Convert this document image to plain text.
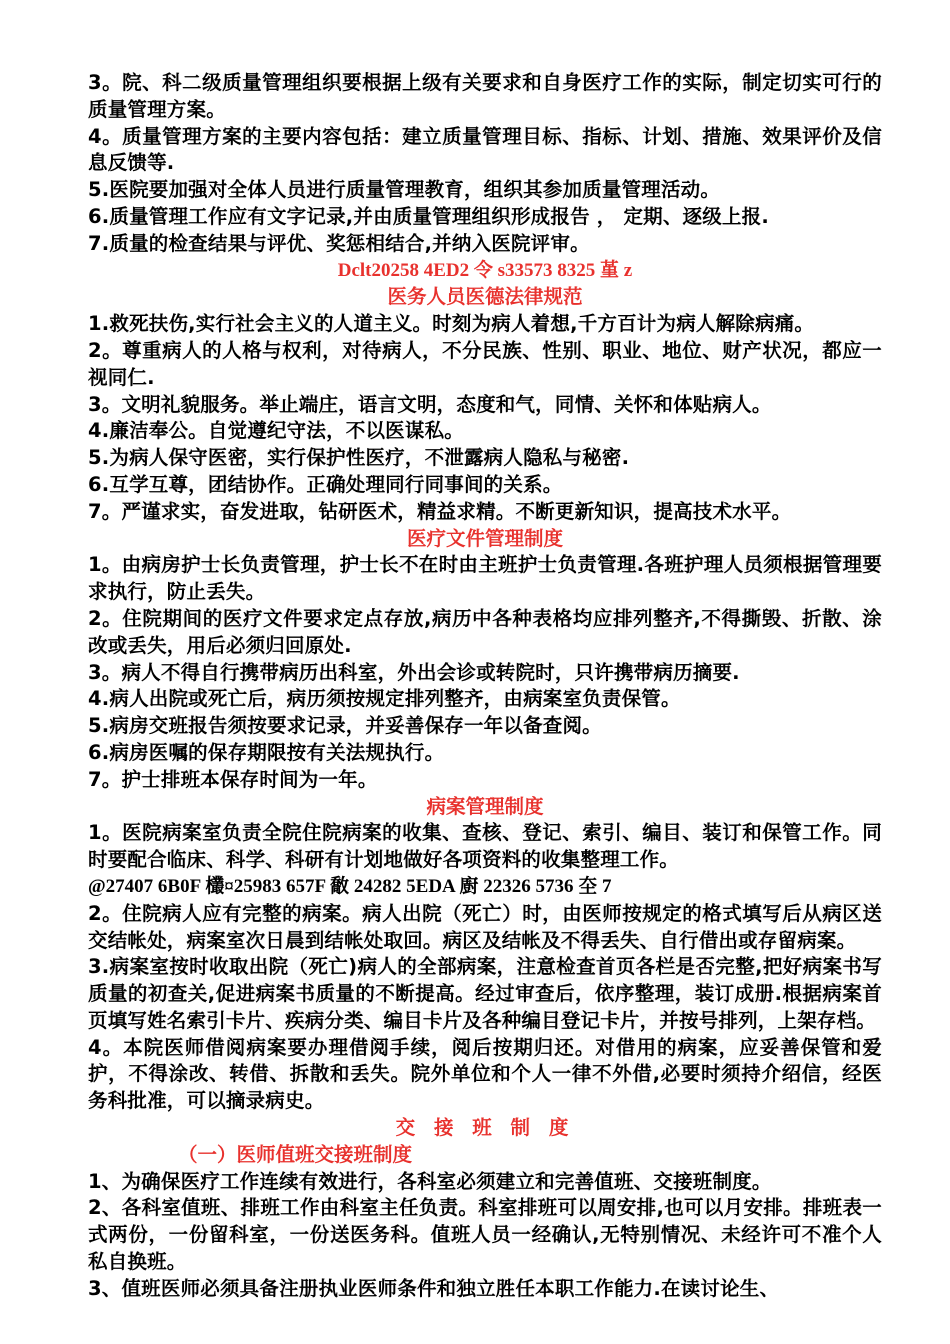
3。院、科二级质量管理组织要根据上级有关要求和自身医疗工作的实际，制定切实可行的质量管理方案。

4。质量管理方案的主要内容包括：建立质量管理目标、指标、计划、措施、效果评价及信息反馈等.

5.医院要加强对全体人员进行质量管理教育，组织其参加质量管理活动。

6.质量管理工作应有文字记录,并由质量管理组织形成报告 ， 定期、逐级上报.

7.质量的检查结果与评优、奖惩相结合,并纳入医院评审。

Dclt20258 4ED2 令 s33573 8325 堇 z

医务人员医德法律规范

1.救死扶伤,实行社会主义的人道主义。时刻为病人着想,千方百计为病人解除病痛。

2。尊重病人的人格与权利，对待病人，不分民族、性别、职业、地位、财产状况，都应一视同仁.

3。文明礼貌服务。举止端庄，语言文明，态度和气，同情、关怀和体贴病人。

4.廉洁奉公。自觉遵纪守法，不以医谋私。

5.为病人保守医密，实行保护性医疗，不泄露病人隐私与秘密.

6.互学互尊，团结协作。正确处理同行同事间的关系。

7。严谨求实，奋发进取，钻研医术，精益求精。不断更新知识，提高技术水平。

医疗文件管理制度

1。由病房护士长负责管理，护士长不在时由主班护士负责管理.各班护理人员须根据管理要求执行，防止丢失。

2。住院期间的医疗文件要求定点存放,病历中各种表格均应排列整齐,不得撕毁、折散、涂改或丢失，用后必须归回原处.

3。病人不得自行携带病历出科室，外出会诊或转院时，只许携带病历摘要.

4.病人出院或死亡后，病历须按规定排列整齐，由病案室负责保管。

5.病房交班报告须按要求记录，并妥善保存一年以备查阅。

6.病房医嘱的保存期限按有关法规执行。

7。护士排班本保存时间为一年。

病案管理制度

1。医院病案室负责全院住院病案的收集、查核、登记、索引、编目、装订和保管工作。同时要配合临床、科学、科研有计划地做好各项资料的收集整理工作。

@27407 6B0F 欉¤25983 657F 敿 24282 5EDA 廚 22326 5736 圶 7

2。住院病人应有完整的病案。病人出院（死亡）时，由医师按规定的格式填写后从病区送交结帐处，病案室次日晨到结帐处取回。病区及结帐及不得丢失、自行借出或存留病案。

3.病案室按时收取出院（死亡)病人的全部病案，注意检查首页各栏是否完整,把好病案书写质量的初查关,促进病案书质量的不断提高。经过审查后，依序整理，装订成册.根据病案首页填写姓名索引卡片、疾病分类、编目卡片及各种编目登记卡片，并按号排列，上架存档。

4。本院医师借阅病案要办理借阅手续，阅后按期归还。对借用的病案，应妥善保管和爱护，不得涂改、转借、拆散和丢失。院外单位和个人一律不外借,必要时须持介绍信，经医务科批准，可以摘录病史。

交 接 班 制 度

（一）医师值班交接班制度

1、为确保医疗工作连续有效进行，各科室必须建立和完善值班、交接班制度。

2、各科室值班、排班工作由科室主任负责。科室排班可以周安排,也可以月安排。排班表一式两份，一份留科室，一份送医务科。值班人员一经确认,无特别情况、未经许可不准个人私自换班。

3、值班医师必须具备注册执业医师条件和独立胜任本职工作能力.在读讨论生、
